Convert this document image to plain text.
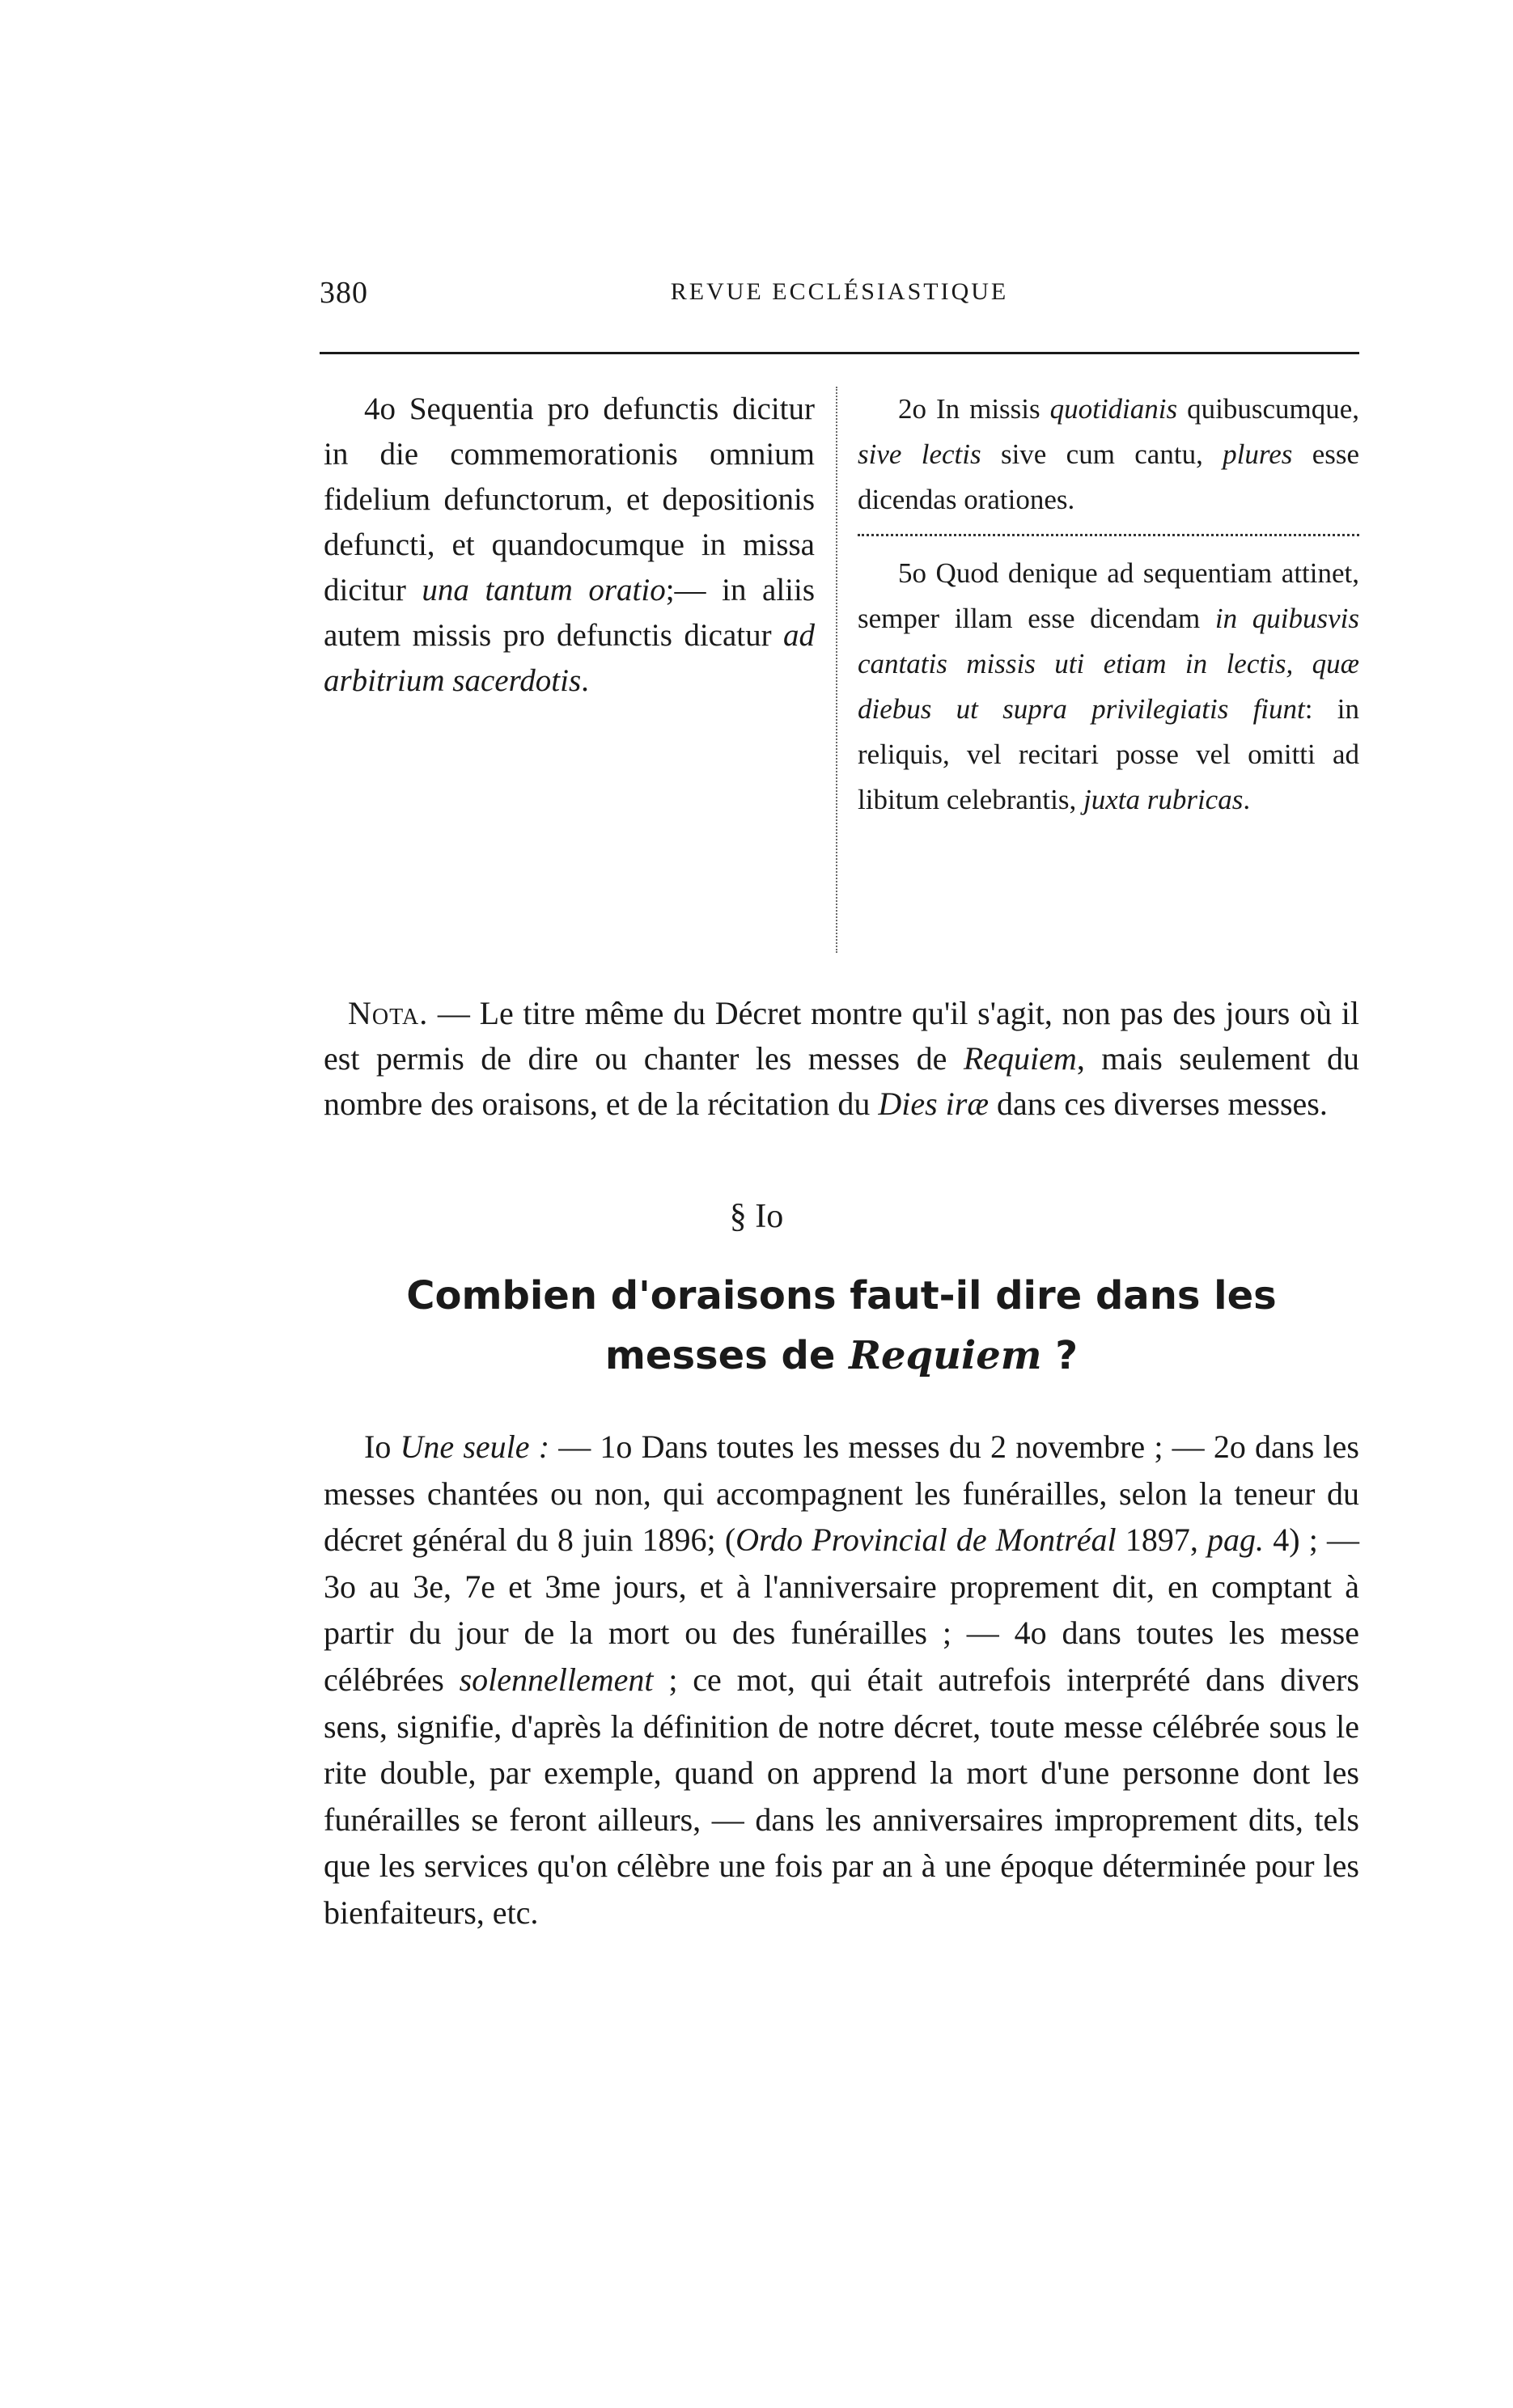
380	REVUE ECCLÉSIASTIQUE

4o Sequentia pro defunctis dicitur in die commemorationis omnium fidelium defunctorum, et depositionis defuncti, et quandocumque in missa dicitur una tantum oratio;— in aliis autem missis pro defunctis dicatur ad arbitrium sacerdotis.

2o In missis quotidianis quibuscumque, sive lectis sive cum cantu, plures esse dicendas orationes.

5o Quod denique ad sequentiam attinet, semper illam esse dicendam in quibusvis cantatis missis uti etiam in lectis, quæ diebus ut supra privilegiatis fiunt: in reliquis, vel recitari posse vel omitti ad libitum celebrantis, juxta rubricas.

Nota. — Le titre même du Décret montre qu'il s'agit, non pas des jours où il est permis de dire ou chanter les messes de Requiem, mais seulement du nombre des oraisons, et de la récitation du Dies iræ dans ces diverses messes.

§ Io
Combien d'oraisons faut-il dire dans les messes de Requiem ?

Io Une seule : — 1o Dans toutes les messes du 2 novembre ; — 2o dans les messes chantées ou non, qui accompagnent les funérailles, selon la teneur du décret général du 8 juin 1896; (Ordo Provincial de Montréal 1897, pag. 4) ; — 3o au 3e, 7e et 3me jours, et à l'anniversaire proprement dit, en comptant à partir du jour de la mort ou des funérailles ; — 4o dans toutes les messe célébrées solennellement ; ce mot, qui était autrefois interprété dans divers sens, signifie, d'après la définition de notre décret, toute messe célébrée sous le rite double, par exemple, quand on apprend la mort d'une personne dont les funérailles se feront ailleurs, — dans les anniversaires improprement dits, tels que les services qu'on célèbre une fois par an à une époque déterminée pour les bienfaiteurs, etc.
